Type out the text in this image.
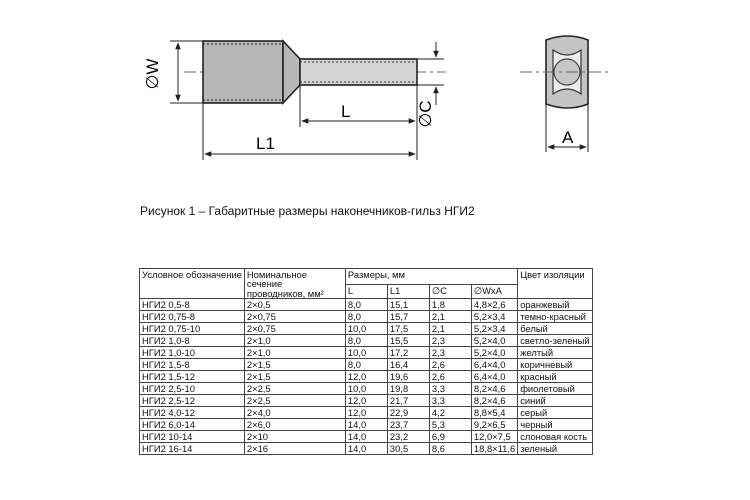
∅W
L
L1
∅C
A
Рисунок 1 – Габаритные размеры наконечников-гильз НГИ2
Условное обозначение	Номинальное сечение проводников, мм²	Размеры, мм				Цвет изоляции
		L	L1	∅C	∅WxA	
НГИ2 0,5-8	2×0,5	8,0	15,1	1,8	4,8×2,6	оранжевый
НГИ2 0,75-8	2×0,75	8,0	15,7	2,1	5,2×3,4	темно-красный
НГИ2 0,75-10	2×0,75	10,0	17,5	2,1	5,2×3,4	белый
НГИ2 1,0-8	2×1,0	8,0	15,5	2,3	5,2×4,0	светло-зеленый
НГИ2 1,0-10	2×1,0	10,0	17,2	2,3	5,2×4,0	желтый
НГИ2 1,5-8	2×1,5	8,0	16,4	2,6	6,4×4,0	коричневый
НГИ2 1,5-12	2×1,5	12,0	19,6	2,6	6,4×4,0	красный
НГИ2 2,5-10	2×2,5	10,0	19,8	3,3	8,2×4,6	фиолетовый
НГИ2 2,5-12	2×2,5	12,0	21,7	3,3	8,2×4,6	синий
НГИ2 4,0-12	2×4,0	12,0	22,9	4,2	8,8×5,4	серый
НГИ2 6,0-14	2×6,0	14,0	23,7	5,3	9,2×6,5	черный
НГИ2 10-14	2×10	14,0	23,2	6,9	12,0×7,5	слоновая кость
НГИ2 16-14	2×16	14,0	30,5	8,6	18,8×11,6	зеленый
